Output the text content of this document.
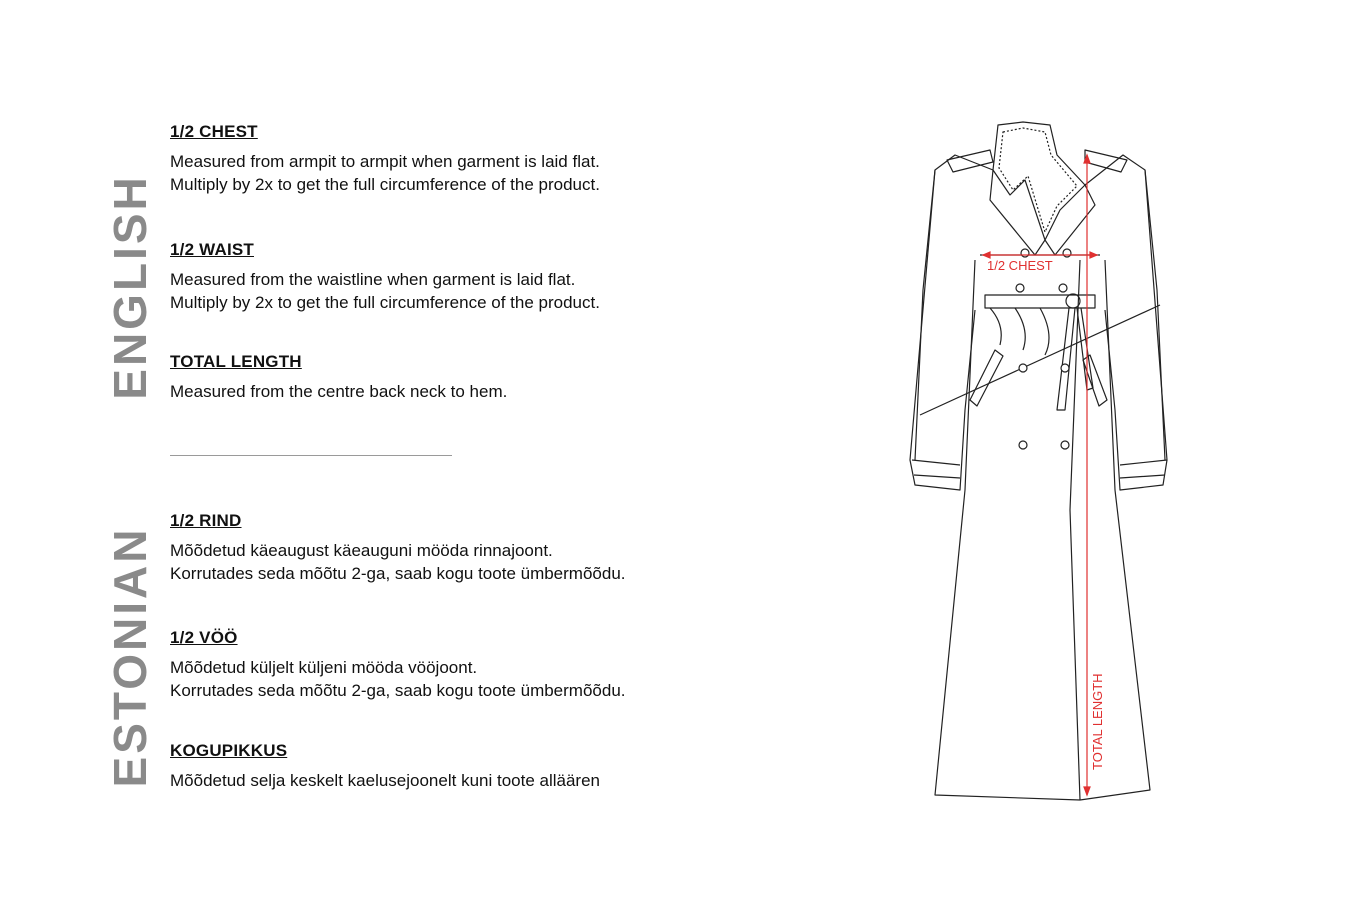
ENGLISH
ESTONIAN
1/2 CHEST
Measured from armpit to armpit when garment is laid flat.
Multiply by 2x to get the full circumference of the product.
1/2 WAIST
Measured from the waistline when garment is laid flat.
Multiply by 2x to get the full circumference of the product.
TOTAL LENGTH
Measured from the centre back neck to hem.
1/2 RIND
Mõõdetud käeaugust käeauguni mööda rinnajoont.
Korrutades seda mõõtu 2-ga, saab kogu toote ümbermõõdu.
1/2 VÖÖ
Mõõdetud küljelt küljeni mööda vööjoont.
Korrutades seda mõõtu 2-ga, saab kogu toote ümbermõõdu.
KOGUPIKKUS
Mõõdetud selja keskelt kaelusejoonelt kuni toote alläären
1/2 CHEST
TOTAL LENGTH
